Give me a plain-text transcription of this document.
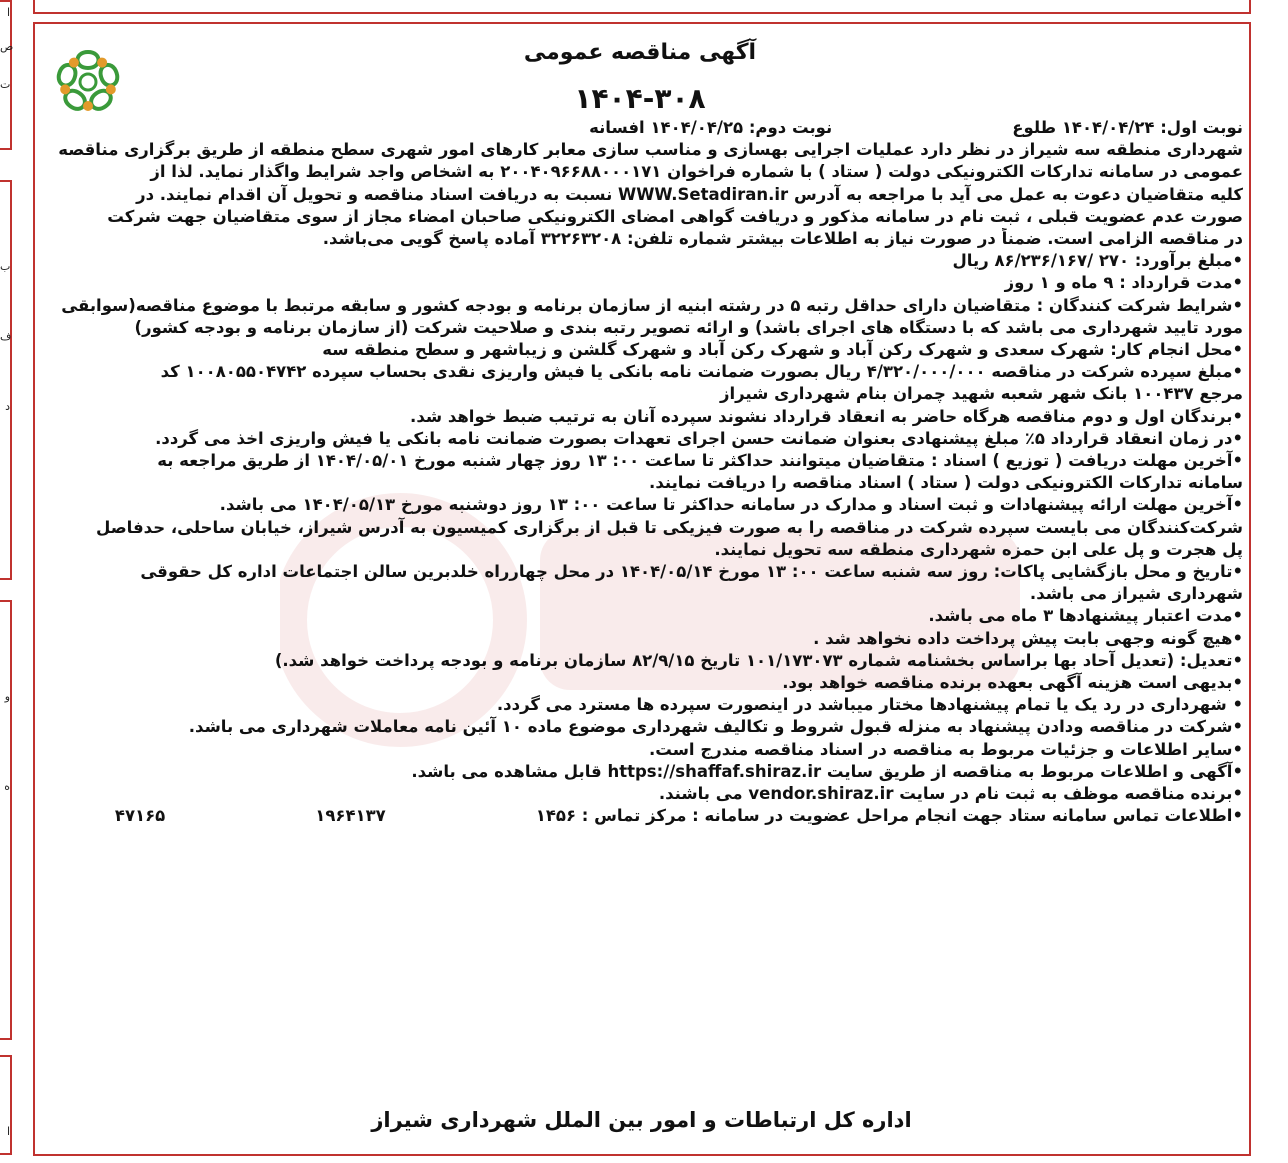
ا
ص
ت
ب
ف
د
و
ه
ا
آگهی مناقصه عمومی
۱۴۰۴-۳۰۸

نوبت اول: ۱۴۰۴/۰۴/۲۴ طلوع
نوبت دوم: ۱۴۰۴/۰۴/۲۵ افسانه

شهرداری منطقه سه شیراز در نظر دارد عملیات اجرایی بهسازی و مناسب سازی معابر کارهای امور شهری سطح منطقه از طریق برگزاری مناقصه

عمومی در سامانه تدارکات الکترونیکی دولت ( ستاد ) با شماره فراخوان ۲۰۰۴۰۹۶۶۸۸۰۰۰۱۷۱ به اشخاص واجد شرایط واگذار نماید. لذا از

کلیه متقاضیان دعوت به عمل می آید با مراجعه به آدرس WWW.Setadiran.ir نسبت به دریافت اسناد مناقصه و تحویل آن اقدام نمایند. در

صورت عدم عضویت قبلی ، ثبت نام در سامانه مذکور و دریافت گواهی امضای الکترونیکی صاحبان امضاء مجاز از سوی متقاضیان جهت شرکت

در مناقصه الزامی است. ضمناً در صورت نیاز به اطلاعات بیشتر شماره تلفن: ۳۲۲۶۳۲۰۸ آماده پاسخ گویی می‌باشد.

•مبلغ برآورد: ۲۷۰ /۸۶/۲۳۶/۱۶۷ ریال

•مدت قرارداد : ۹ ماه و ۱ روز

•شرایط شرکت کنندگان : متقاضیان دارای حداقل رتبه ۵ در رشته ابنیه از سازمان برنامه و بودجه کشور و سابقه مرتبط با موضوع مناقصه(سوابقی

مورد تایید شهرداری می باشد که با دستگاه های اجرای باشد) و ارائه تصویر رتبه بندی و صلاحیت شرکت (از سازمان برنامه و بودجه کشور)

•محل انجام کار: شهرک سعدی و شهرک رکن آباد و شهرک رکن آباد و شهرک گلشن و زیباشهر و سطح منطقه سه

•مبلغ سپرده شرکت در مناقصه ۴/۳۲۰/۰۰۰/۰۰۰ ریال بصورت ضمانت نامه بانکی یا فیش واریزی نقدی بحساب سپرده ۱۰۰۸۰۵۵۰۴۷۴۲ کد

مرجع ۱۰۰۴۳۷ بانک شهر شعبه شهید چمران بنام شهرداری شیراز

•برندگان اول و دوم مناقصه هرگاه حاضر به انعقاد قرارداد نشوند سپرده آنان به ترتیب ضبط خواهد شد.

•در زمان انعقاد قرارداد ۵٪ مبلغ پیشنهادی بعنوان ضمانت حسن اجرای تعهدات بصورت ضمانت نامه بانکی یا فیش واریزی اخذ می گردد.

•آخرین مهلت دریافت ( توزیع ) اسناد : متقاضیان میتوانند حداکثر تا ساعت ۰۰: ۱۳ روز چهار شنبه مورخ ۱۴۰۴/۰۵/۰۱ از طریق مراجعه به

سامانه تدارکات الکترونیکی دولت ( ستاد ) اسناد مناقصه را دریافت نمایند.

•آخرین مهلت ارائه پیشنهادات و ثبت اسناد و مدارک در سامانه حداکثر تا ساعت ۰۰: ۱۳ روز دوشنبه مورخ ۱۴۰۴/۰۵/۱۳ می باشد.

شرکت‌کنندگان می بایست سپرده شرکت در مناقصه را به صورت فیزیکی تا قبل از برگزاری کمیسیون به آدرس شیراز، خیابان ساحلی، حدفاصل

پل هجرت و پل علی ابن حمزه شهرداری منطقه سه تحویل نمایند.

•تاریخ و محل بازگشایی پاکات: روز سه شنبه ساعت ۰۰: ۱۳ مورخ ۱۴۰۴/۰۵/۱۴ در محل چهارراه خلدبرین سالن اجتماعات اداره کل حقوقی

شهرداری شیراز می باشد.

•مدت اعتبار پیشنهادها ۳ ماه می باشد.

•هیچ گونه وجهی بابت پیش پرداخت داده نخواهد شد .

•تعدیل: (تعدیل آحاد بها براساس بخشنامه شماره ۱۰۱/۱۷۳۰۷۳ تاریخ ۸۲/۹/۱۵ سازمان برنامه و بودجه پرداخت خواهد شد.)

•بدیهی است هزینه آگهی بعهده برنده مناقصه خواهد بود.

• شهرداری در رد یک یا تمام پیشنهادها مختار میباشد در اینصورت سپرده ها مسترد می گردد.

•شرکت در مناقصه ودادن پیشنهاد به منزله قبول شروط و تکالیف شهرداری موضوع ماده ۱۰ آئین نامه معاملات شهرداری می باشد.

•سایر اطلاعات و جزئیات مربوط به مناقصه در اسناد مناقصه مندرج است.

•آگهی و اطلاعات مربوط به مناقصه از طریق سایت https://shaffaf.shiraz.ir قابل مشاهده می باشد.

•برنده مناقصه موظف به ثبت نام در سایت vendor.shiraz.ir می باشند.

•اطلاعات تماس سامانه ستاد جهت انجام مراحل عضویت در سامانه : مرکز تماس : ۱۴۵۶
۱۹۶۴۱۳۷
۴۷۱۶۵

اداره کل ارتباطات و امور بین الملل شهرداری شیراز
